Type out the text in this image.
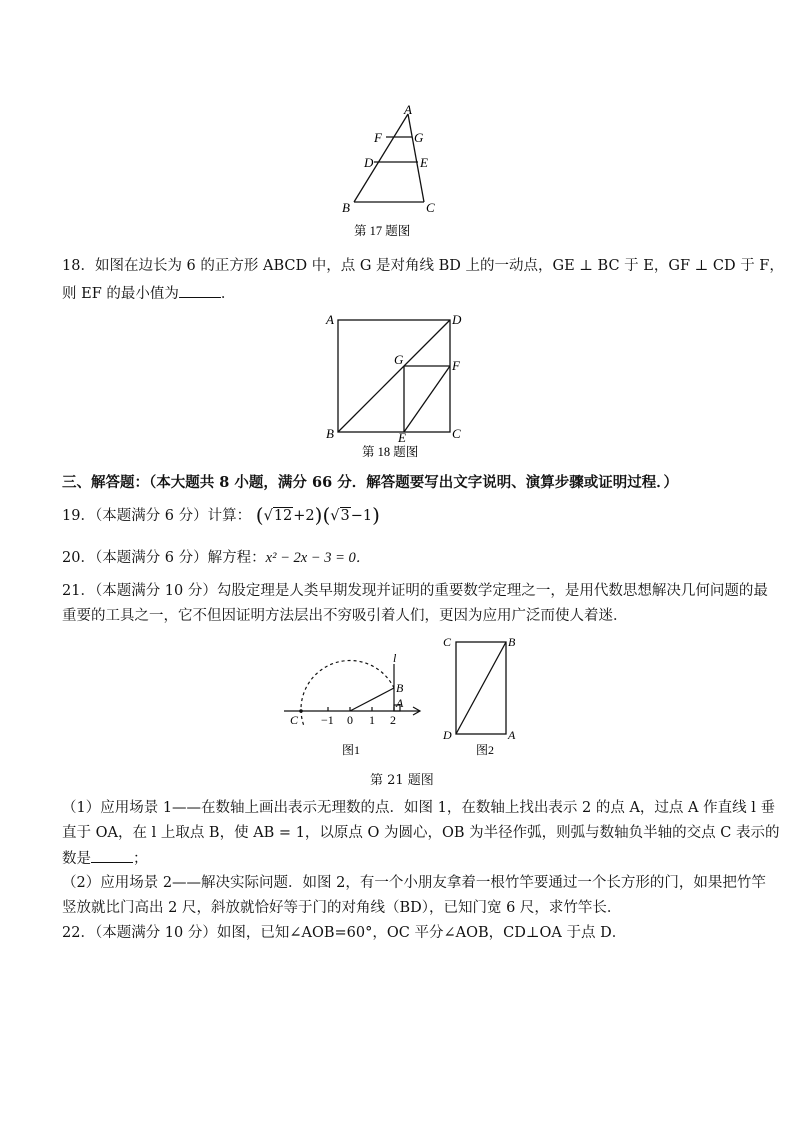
A
F G
D	E
B	C
第 17 题图
18．如图在边长为 6 的正方形 ABCD 中，点 G 是对角线 BD 上的一动点，GE ⊥ BC 于 E，GF ⊥ CD 于 F，
则 EF 的最小值为	．
A	D
G	F
B	E	C
第 18 题图
三、解答题：（本大题共 8 小题，满分 66 分．解答题要写出文字说明、演算步骤或证明过程．）
19．（本题满分 6 分）计算： (√12+2)(√3−1)
20．（本题满分 6 分）解方程：x² − 2x − 3 = 0．
21．（本题满分 10 分）勾股定理是人类早期发现并证明的重要数学定理之一，是用代数思想解决几何问题的最
重要的工具之一，它不但因证明方法层出不穷吸引着人们，更因为应用广泛而使人着迷．
l
B
A
C −1 0 1 2
图1
C	B
D	A
图2
第 21 题图
（1）应用场景 1——在数轴上画出表示无理数的点．如图 1，在数轴上找出表示 2 的点 A，过点 A 作直线 l 垂
直于 OA，在 l 上取点 B，使 AB = 1，以原点 O 为圆心，OB 为半径作弧，则弧与数轴负半轴的交点 C 表示的
数是	；
（2）应用场景 2——解决实际问题．如图 2，有一个小朋友拿着一根竹竿要通过一个长方形的门，如果把竹竿
竖放就比门高出 2 尺，斜放就恰好等于门的对角线（BD），已知门宽 6 尺，求竹竿长．
22．（本题满分 10 分）如图，已知∠AOB=60°，OC 平分∠AOB，CD⊥OA 于点 D．
